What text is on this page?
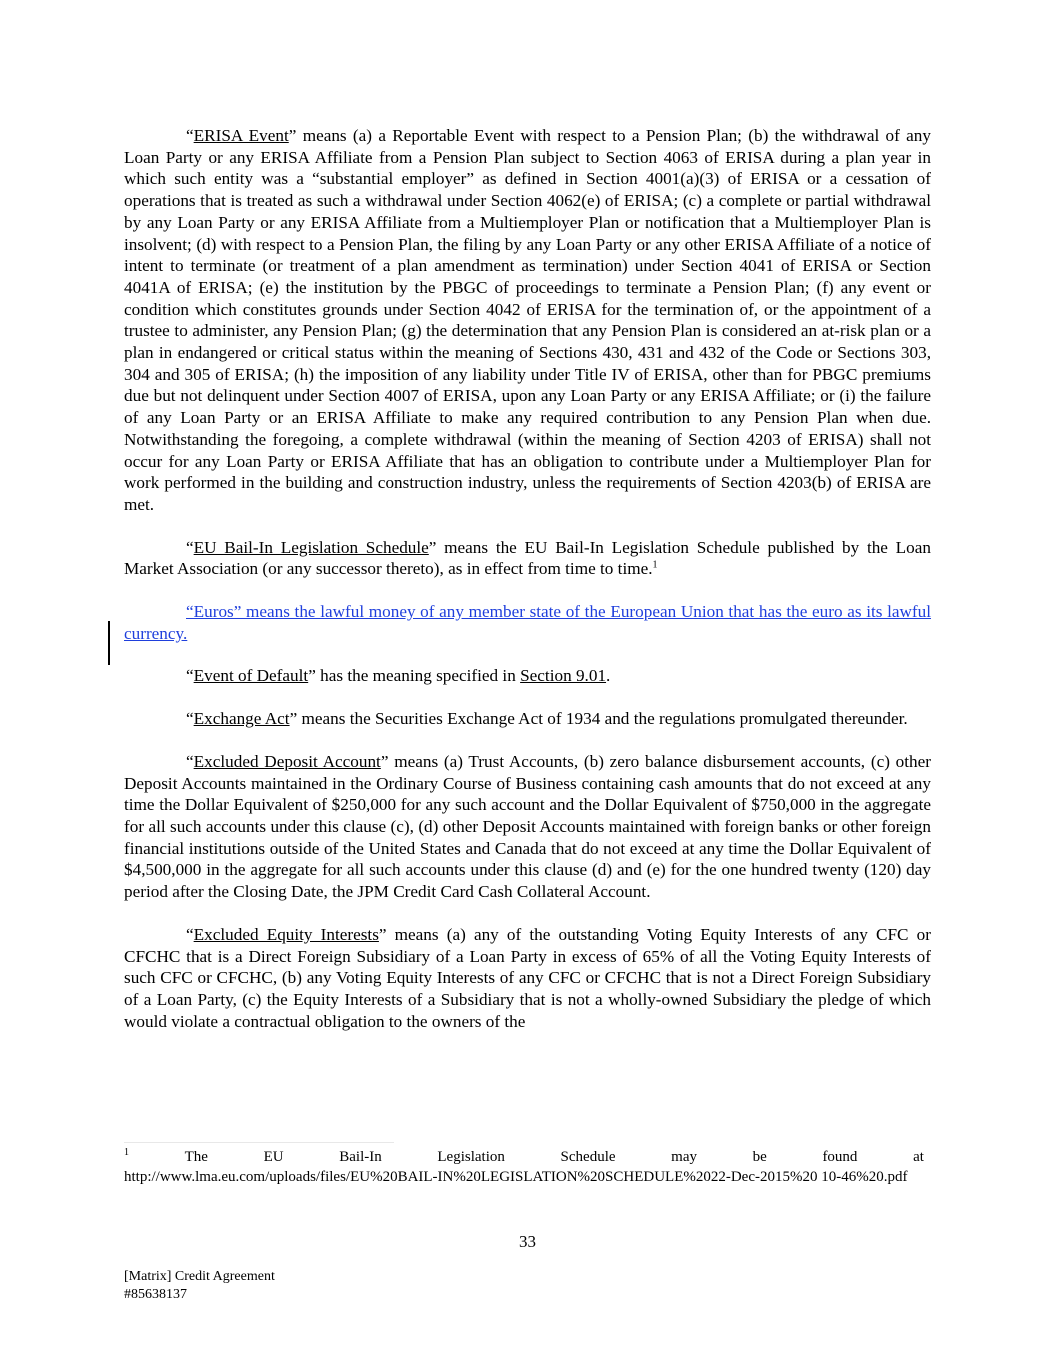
“ERISA Event” means (a) a Reportable Event with respect to a Pension Plan; (b) the withdrawal of any Loan Party or any ERISA Affiliate from a Pension Plan subject to Section 4063 of ERISA during a plan year in which such entity was a “substantial employer” as defined in Section 4001(a)(3) of ERISA or a cessation of operations that is treated as such a withdrawal under Section 4062(e) of ERISA; (c) a complete or partial withdrawal by any Loan Party or any ERISA Affiliate from a Multiemployer Plan or notification that a Multiemployer Plan is insolvent; (d) with respect to a Pension Plan, the filing by any Loan Party or any other ERISA Affiliate of a notice of intent to terminate (or treatment of a plan amendment as termination) under Section 4041 of ERISA or Section 4041A of ERISA; (e) the institution by the PBGC of proceedings to terminate a Pension Plan; (f) any event or condition which constitutes grounds under Section 4042 of ERISA for the termination of, or the appointment of a trustee to administer, any Pension Plan; (g) the determination that any Pension Plan is considered an at-risk plan or a plan in endangered or critical status within the meaning of Sections 430, 431 and 432 of the Code or Sections 303, 304 and 305 of ERISA; (h) the imposition of any liability under Title IV of ERISA, other than for PBGC premiums due but not delinquent under Section 4007 of ERISA, upon any Loan Party or any ERISA Affiliate; or (i) the failure of any Loan Party or an ERISA Affiliate to make any required contribution to any Pension Plan when due. Notwithstanding the foregoing, a complete withdrawal (within the meaning of Section 4203 of ERISA) shall not occur for any Loan Party or ERISA Affiliate that has an obligation to contribute under a Multiemployer Plan for work performed in the building and construction industry, unless the requirements of Section 4203(b) of ERISA are met.

“EU Bail-In Legislation Schedule” means the EU Bail-In Legislation Schedule published by the Loan Market Association (or any successor thereto), as in effect from time to time.$^1$

“Euros” means the lawful money of any member state of the European Union that has the euro as its lawful currency.

“Event of Default” has the meaning specified in Section 9.01.

“Exchange Act” means the Securities Exchange Act of 1934 and the regulations promulgated thereunder.

“Excluded Deposit Account” means (a) Trust Accounts, (b) zero balance disbursement accounts, (c) other Deposit Accounts maintained in the Ordinary Course of Business containing cash amounts that do not exceed at any time the Dollar Equivalent of $250,000 for any such account and the Dollar Equivalent of $750,000 in the aggregate for all such accounts under this clause (c), (d) other Deposit Accounts maintained with foreign banks or other foreign financial institutions outside of the United States and Canada that do not exceed at any time the Dollar Equivalent of $4,500,000 in the aggregate for all such accounts under this clause (d) and (e) for the one hundred twenty (120) day period after the Closing Date, the JPM Credit Card Cash Collateral Account.

“Excluded Equity Interests” means (a) any of the outstanding Voting Equity Interests of any CFC or CFCHC that is a Direct Foreign Subsidiary of a Loan Party in excess of 65% of all the Voting Equity Interests of such CFC or CFCHC, (b) any Voting Equity Interests of any CFC or CFCHC that is not a Direct Foreign Subsidiary of a Loan Party, (c) the Equity Interests of a Subsidiary that is not a wholly-owned Subsidiary the pledge of which would violate a contractual obligation to the owners of the

$^1$	The	EU	Bail-In	Legislation	Schedule	may	be	found	at
http://www.lma.eu.com/uploads/files/EU%20BAIL-IN%20LEGISLATION%20SCHEDULE%2022-Dec-2015%20 10-46%20.pdf
33
[Matrix] Credit Agreement
#85638137
